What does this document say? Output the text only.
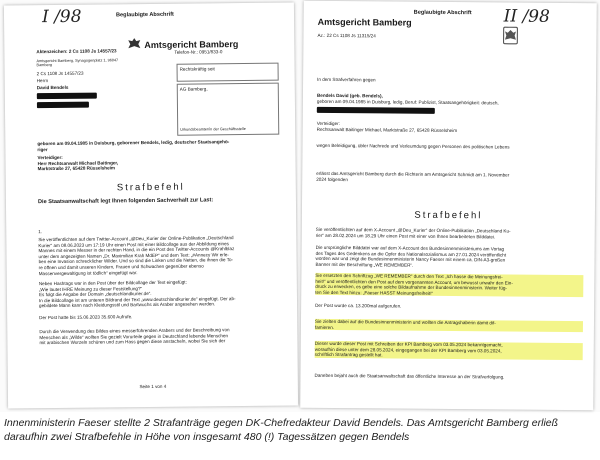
I /98	Beglaubigte Abschrift
Amtsgericht Bamberg
Aktenzeichen: 2 Cs 1108 Js 14557/23	Telefon-Nr.: 0951/833-0
Amtsgericht Bamberg, Synagogenplatz 1, 96047 Bamberg
2 Cs 1108 Js 14557/23
Herrn
David Bendels
Rechtskräftig seit
AG Bamberg,
Urkundsbeamter/in der Geschäftsstelle
geboren am 09.04.1985 in Duisburg, geborener Bendels, ledig, deutscher Staatsangehö-
riger
Verteidiger:
Herr Rechtsanwalt Michael Baitinger,
Marktstraße 27, 65428 Rüsselsheim
Strafbefehl
Die Staatsanwaltschaft legt Ihnen folgenden Sachverhalt zur Last:
1.
Sie veröffentlichten auf dem Twitter-Account „@Deu_Kurier der Online-Publikation „Deutschland
Kurier“ am 08.06.2023 um 17:19 Uhr einen Post mit einer Bildcollage aus der Abbildung eines
Mannes mit einem Messer in der rechten Hand, in die ein Post des Twitter-Accounts @Krahlblaz
unter dem angezeigten Namen „Dr. Maximilian Krah MdEP“ und dem Text: „#Annecy Wir erle-
ben eine Invasion schrecklicher Wilder. Und so sind die Linken und die Netten, die ihnen die To-
re öffnen und damit unseren Kindern, Frauen und Schwachen gegenüber ebenso
Massenvergewaltigung ist tödlich“ eingefügt war.
Neben Hashtags war in den Post über der Bildcollage der Text eingefügt:
„Wie lautet IHRE Meinung zu dieser Feststellung?“
Es folgt die Angabe der Domain „deutschlandkurier.de“.
In die Bildcollage ist am unteren Bildrand der Text „www.deutschlandkurier.de“ eingefügt. Der ab-
gebildete Mann kann nach Kleidungsstil und Bartwuchs als Araber angesehen werden.
Der Post hatte bis 15.06.2023 35.600 Aufrufe.
Durch die Verwendung des Bildes eines messerführenden Arabers und der Beschreibung von
Menschen als „Wilde“ wollten Sie gezielt Vorurteile gegen in Deutschland lebende Menschen
mit arabischen Wurzeln schüren und zum Hass gegen diese anstacheln, wobei Sie sich der
Seite 1 von 4
II /98
Beglaubigte Abschrift
Amtsgericht Bamberg
Az.: 22 Cs 1108 Js 11315/24
In dem Strafverfahren gegen
Bendels David (geb. Bendels),
geboren am 09.04.1985 in Duisburg, ledig, Beruf: Publizist, Staatsangehörigkeit: deutsch,
Verteidiger:
Rechtsanwalt Baitinger Michael, Marktstraße 27, 65428 Rüsselsheim
wegen Beleidigung, übler Nachrede und Verleumdung gegen Personen des politischen Lebens
erlässt das Amtsgericht Bamberg durch die Richterin am Amtsgericht Schmidt am 1. November
2024 folgenden
Strafbefehl
Sie veröffentlichten auf dem X-Account „@Deu_Kurier“ der Online-Publikation „Deutschland Ku-
rier“ am 28.02.2024 um 18.29 Uhr einen Post mit einer von Ihnen bearbeiteten Bilddatei.
Die ursprüngliche Bilddatei war auf dem X-Account des Bundesinnenministeriums am Vortag
des Tages des Gedenkens an die Opfer des Nationalsozialismus am 27.01.2024 veröffentlicht
worden war und zeigt die Bundesinnenministerin Nancy Faeser mit einem ca. DIN-A3-großen
Banner mit der Beschriftung „WE REMEMBER“.
Sie ersetzten den Schriftzug „WE REMEMBER“ durch den Text „Ich hasse die Meinungsfrei-
heit!“ und veröffentlichten den Post auf dem vorgenannten Account, um bewusst unwahr den Ein-
druck zu erwecken, es gebe eine solche Bildaufnahme der Bundesinnenministerin. Weiter füg-
ten Sie den Text hinzu: „Faeser HASST Meinungsfreiheit!“
Der Post wurde ca. 13.200mal aufgerufen.
Sie zielten dabei auf die Bundesinnenministerin und wollten die Antragshaberin damit dif-
famieren.
Dieser wurde dieser Post mit Schreiben der KPI Bamberg vom 03.05.2024 bekanntgemacht,
woraufhin diese unter dem 28.05.2024, eingegangen bei der KPI Bamberg vom 03.05.2024,
schriftlich Strafantrag gestellt hat.
Daneben bejaht auch die Staatsanwaltschaft das öffentliche Interesse an der Strafverfolgung.
Innenministerin Faeser stellte 2 Strafanträge gegen DK-Chefredakteur David Bendels. Das Amtsgericht Bamberg erließ daraufhin zwei Strafbefehle in Höhe von insgesamt 480 (!) Tagessätzen gegen Bendels
